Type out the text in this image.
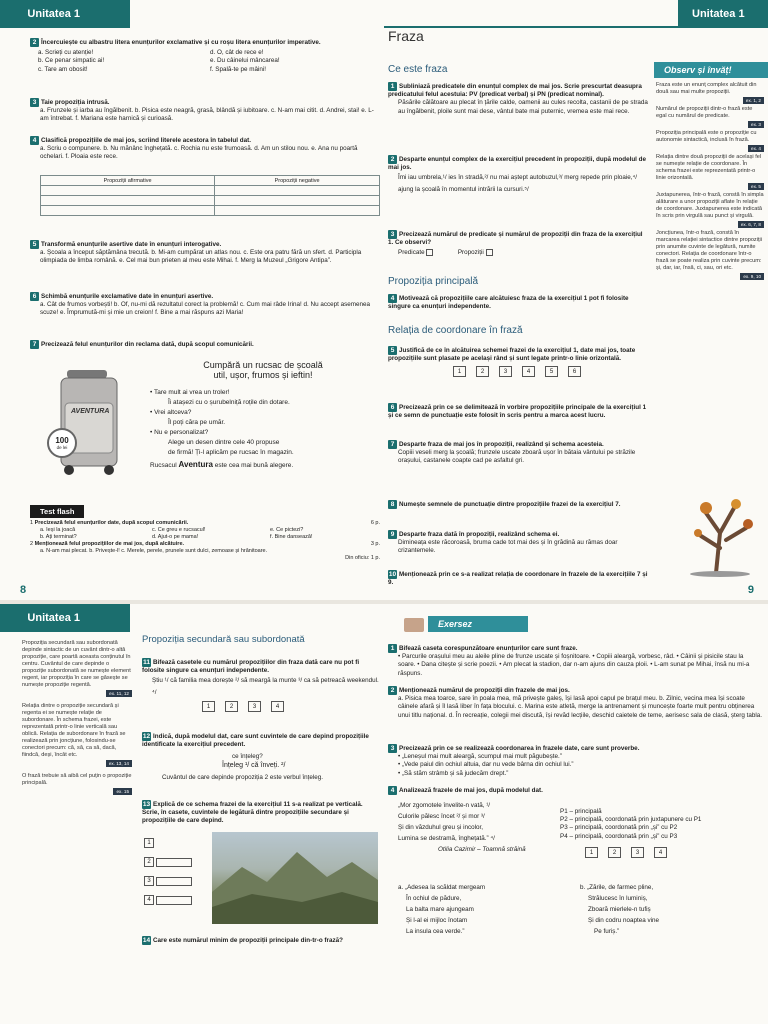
Unitatea 1
2 Încercuiește cu albastru litera enunțurilor exclamative și cu roșu litera enunțurilor imperative.
a. Scrieți cu atenție!
b. Ce penar simpatic ai!
c. Tare am obosit!
d. O, cât de rece e!
e. Du câinelui mâncarea!
f. Spală-te pe mâini!
3 Taie propoziția intrusă.
a. Frunzele și iarba au îngălbenit. b. Pisica este neagră, grasă, blândă și iubitoare. c. N-am mai citit. d. Andrei, stai! e. L-am întrebat. f. Mariana este harnică și curioasă.
4 Clasifică propozițiile de mai jos, scriind literele acestora în tabelul dat.
a. Scriu o compunere. b. Nu mănânc înghețată. c. Rochia nu este frumoasă. d. Am un stilou nou. e. Ana nu poartă ochelari. f. Ploaia este rece.
Propoziții afirmative	Propoziții negative

5 Transformă enunțurile asertive date în enunțuri interogative.
a. Școala a început săptămâna trecută. b. Mi-am cumpărat un atlas nou. c. Este ora patru fără un sfert. d. Participla olimpiada de limba română. e. Cel mai bun prieten al meu este Mihai. f. Merg la Muzeul „Grigore Antipa”.
6 Schimbă enunțurile exclamative date în enunțuri asertive.
a. Cât de frumos vorbești! b. Of, nu-mi dă rezultatul corect la problemă! c. Cum mai râde Irina! d. Nu accept asemenea scuze! e. Împrumută-mi și mie un creion! f. Bine a mai răspuns azi Maria!
7 Precizează felul enunțurilor din reclama dată, după scopul comunicării.
AVENTURA
100
de lei
Cumpără un rucsac de școală
util, ușor, frumos și ieftin!
• Tare mult ai vrea un troler!
Îi atașezi cu o șurubelniță roțile din dotare.
• Vrei altceva?
Îl poți căra pe umăr.
• Nu e personalizat?
Alege un desen dintre cele 40 propuse
de firmă! Ți-l aplicăm pe rucsac în magazin.
Rucsacul Aventura este cea mai bună alegere.
Test flash
1 Precizează felul enunțurilor date, după scopul comunicării.	6 p.
a. Ieși la joacă
b. Ați terminat?
c. Ce greu e rucsacul!
d. Ajut-o pe mama!
e. Ce pictezi?
f. Bine dansează!
2 Menționează felul propozițiilor de mai jos, după alcătuire.	3 p.
a. N-am mai plecat. b. Privește-l! c. Merele, perele, prunele sunt dulci, zemoase și hrănitoare.
Din oficiu: 1 p.
8
Fraza
Unitatea 1
Ce este fraza
1 Subliniază predicatele din enunțul complex de mai jos. Scrie prescurtat deasupra predicatului felul acestuia: PV (predicat verbal) și PN (predicat nominal).
Păsările călătoare au plecat în țările calde, oamenii au cules recolta, castanii de pe strada au îngălbenit, ploile sunt mai dese, vântul bate mai puternic, vremea este mai rece.
2 Desparte enunțul complex de la exercițiul precedent în propoziții, după modelul de mai jos.
Îmi iau umbrela,¹/ ies în stradă,²/ nu mai aștept autobuzul,³/ merg repede prin ploaie,⁴/ ajung la școală în momentul intrării la cursuri.⁵/
3 Precizează numărul de predicate și numărul de propoziții din fraza de la exercițiul 1. Ce observi?
Predicate	Propoziții
Propoziția principală
4 Motivează că propozițiile care alcătuiesc fraza de la exercițiul 1 pot fi folosite singure ca enunțuri independente.
Relația de coordonare în frază
5 Justifică de ce în alcătuirea schemei frazei de la exercițiul 1, date mai jos, toate propozițiile sunt plasate pe același rând și sunt legate printr-o linie orizontală.
1	2	3	4	5	6
6 Precizează prin ce se delimitează în vorbire propozițiile principale de la exercițiul 1 și ce semn de punctuație este folosit în scris pentru a marca acest lucru.
7 Desparte fraza de mai jos în propoziții, realizând și schema acesteia.
Copiii veseli merg la școală; frunzele uscate zboară ușor în bătaia vântului pe străzile orașului, castanele coapte cad pe asfaltul gri.
8 Numește semnele de punctuație dintre propozițiile frazei de la exercițiul 7.
9 Desparte fraza dată în propoziții, realizând schema ei.
Dimineața este răcoroasă, bruma cade tot mai des și în grădină au rămas doar crizantemele.
10 Menționează prin ce s-a realizat relația de coordonare în frazele de la exercițiile 7 și 9.
Observ și învăț!
Fraza este un enunț complex alcătuit din două sau mai multe propoziții.
ex. 1, 2
Numărul de propoziții dintr-o frază este egal cu numărul de predicate.
ex. 3
Propoziția principală este o propoziție cu autonomie sintactică, inclusă în frază.
ex. 4
Relația dintre două propoziții de același fel se numește relație de coordonare. În schema frazei este reprezentată printr-o linie orizontală.
ex. 5
Juxtapunerea, într-o frază, constă în simpla alăturare a unor propoziții aflate în relație de coordonare. Juxtapunerea este indicată în scris prin virgulă sau punct și virgulă.
ex. 6, 7, 8
Joncțiunea, într-o frază, constă în marcarea relației sintactice dintre propoziții prin anumite cuvinte de legătură, numite conectori. Relația de coordonare într-o frază se poate realiza prin cuvinte precum: și, dar, iar, însă, ci, sau, ori etc.
ex. 9, 10
9
Unitatea 1
Propoziția secundară sau subordonată depinde sintactic de un cuvânt dintr-o altă propoziție, care poartă aceasta conținutul în centru. Cuvântul de care depinde o propoziție subordonată se numește element regent, iar propoziția în care se găsește se numește propoziție regentă.
ex. 11, 12
Relația dintre o propoziție secundară și regenta ei se numește relație de subordonare. În schema frazei, este reprezentată printr-o linie verticală sau oblică. Relația de subordonare în frază se realizează prin joncțiune, folosindu-se conectori precum: că, să, ca să, dacă, fiindcă, deși, încât etc.
ex. 13, 14
O frază trebuie să aibă cel puțin o propoziție principală.
ex. 15
Propoziția secundară sau subordonată
11 Bifează casetele cu numărul propozițiilor din fraza dată care nu pot fi folosite singure ca enunțuri independente.
Știu ¹/ că familia mea dorește ²/ să meargă la munte ³/ ca să petreacă weekendul. ⁴/
1	2	3	4
12 Indică, după modelul dat, care sunt cuvintele de care depind propozițiile identificate la exercițiul precedent.
ce înțeleg?
Înțeleg ¹/ că înveți. ²/
Cuvântul de care depinde propoziția 2 este verbul înțeleg.
13 Explică de ce schema frazei de la exercițiul 11 s-a realizat pe verticală. Scrie, în casete, cuvintele de legătură dintre propozițiile secundare și propozițiile de care depind.
1
2
3
4
14 Care este numărul minim de propoziții principale din-tr-o frază?
Exersez
1 Bifează caseta corespunzătoare enunțurilor care sunt fraze.
• Parcurile orașului meu au aleile pline de frunze uscate și foșnitoare. • Copiii aleargă, vorbesc, râd. • Câinii și pisicile stau la soare. • Dana citește și scrie poezii. • Am plecat la stadion, dar n-am ajuns din cauza ploii. • L-am sunat pe Mihai, însă nu mi-a răspuns.
2 Menționează numărul de propoziții din frazele de mai jos.
a. Pisica mea toarce, sare în poala mea, mă privește galeș, își lasă apoi capul pe brațul meu. b. Zilnic, vecina mea își scoate câinele afară și îl lasă liber în fața blocului. c. Marina este atletă, merge la antrenament și muncește foarte mult pentru obținerea unui titlu național. d. În recreație, colegii mei discută, își revăd lecțiile, deschid caietele de teme, aerisesc sala de clasă, șterg tabla.
3 Precizează prin ce se realizează coordonarea în frazele date, care sunt proverbe.
• „Leneșul mai mult aleargă, scumpul mai mult păgubește.”
• „Vede paiul din ochiul altuia, dar nu vede bârna din ochiul lui.”
• „Să stăm strâmb și să judecăm drept.”
4 Analizează frazele de mai jos, după modelul dat.
„Mor zgomotele învelite-n vată, ¹/
Culorile pălesc încet ²/ și mor ³/
Și din văzduhul greu și incolor,
Lumina se destramă, înghețată.” ⁴/
Otilia Cazimir – Toamnă străină
P1 – principală
P2 – principală, coordonată prin juxtapunere cu P1
P3 – principală, coordonată prin „și” cu P2
P4 – principală, coordonată prin „și” cu P3
1	2	3	4
a. „Adesea la scăldat mergeam
În ochiul de pădure,
La balta mare ajungeam
Și l-al ei mijloc înotam
La insula cea verde.”
b. „Zările, de farmec pline,
Strălucesc în luminiș,
Zboară mierlele-n tufiș
Și din codru noaptea vine
Pe furiș.”
